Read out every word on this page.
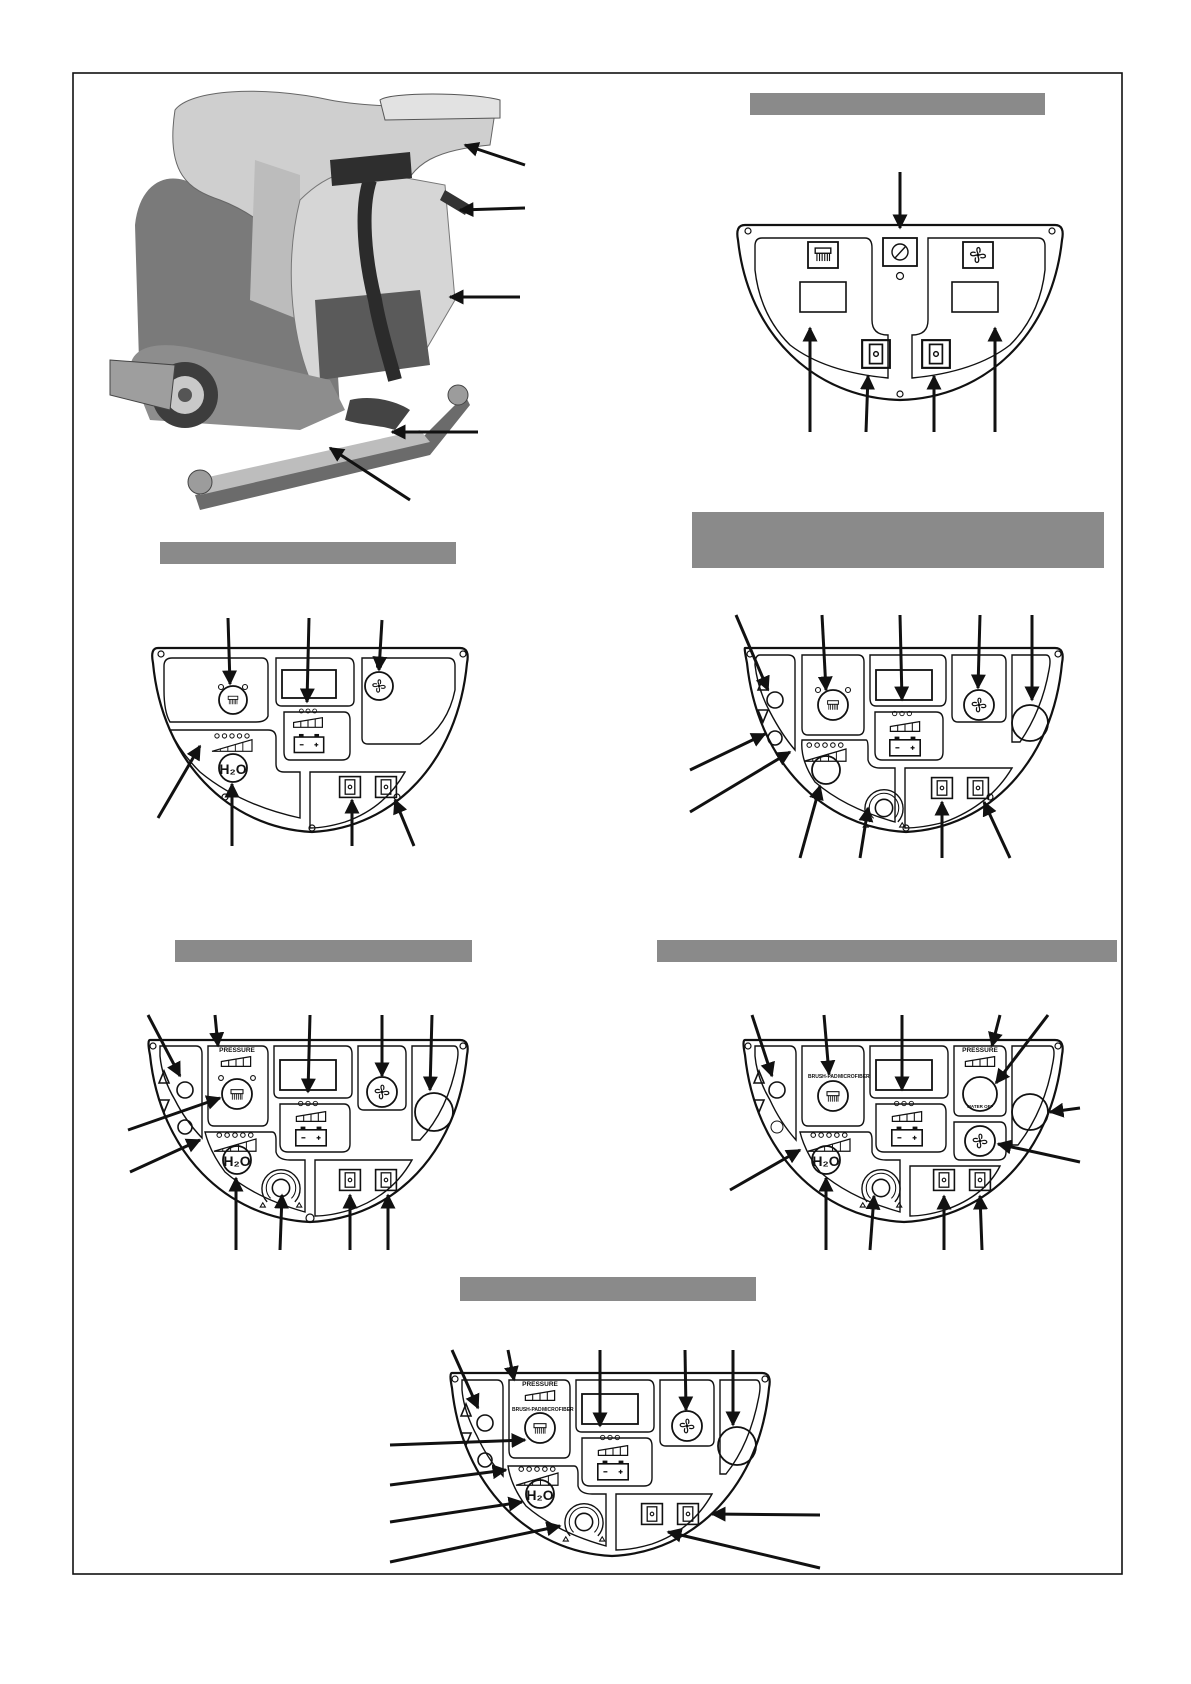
H₂O
PRESSURE
H₂O
BRUSH-PAD MICROFIBER
PRESSURE
WATER OFF
H₂O
PRESSURE
BRUSH-PAD MICROFIBER
H₂O
